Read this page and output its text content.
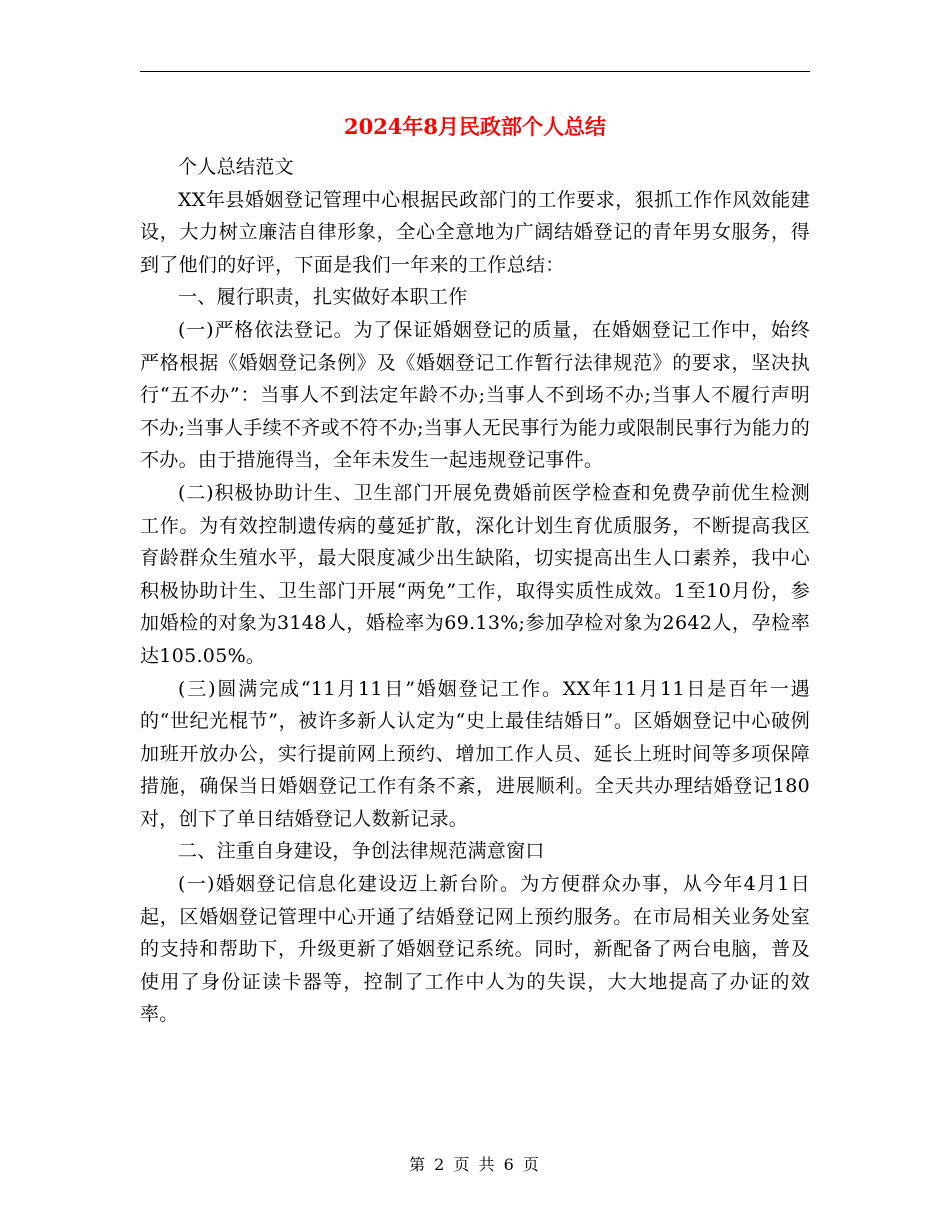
2024年8月民政部个人总结

个人总结范文

XX年县婚姻登记管理中心根据民政部门的工作要求，狠抓工作作风效能建设，大力树立廉洁自律形象，全心全意地为广阔结婚登记的青年男女服务，得到了他们的好评，下面是我们一年来的工作总结：

一、履行职责，扎实做好本职工作

(一)严格依法登记。为了保证婚姻登记的质量，在婚姻登记工作中，始终严格根据《婚姻登记条例》及《婚姻登记工作暂行法律规范》的要求，坚决执行“五不办”：当事人不到法定年龄不办;当事人不到场不办;当事人不履行声明不办;当事人手续不齐或不符不办;当事人无民事行为能力或限制民事行为能力的不办。由于措施得当，全年未发生一起违规登记事件。

(二)积极协助计生、卫生部门开展免费婚前医学检查和免费孕前优生检测工作。为有效控制遗传病的蔓延扩散，深化计划生育优质服务，不断提高我区育龄群众生殖水平，最大限度减少出生缺陷，切实提高出生人口素养，我中心积极协助计生、卫生部门开展“两免”工作，取得实质性成效。1至10月份，参加婚检的对象为3148人，婚检率为69.13%;参加孕检对象为2642人，孕检率达105.05%。

(三)圆满完成“11月11日”婚姻登记工作。XX年11月11日是百年一遇的“世纪光棍节”，被许多新人认定为“史上最佳结婚日”。区婚姻登记中心破例加班开放办公，实行提前网上预约、增加工作人员、延长上班时间等多项保障措施，确保当日婚姻登记工作有条不紊，进展顺利。全天共办理结婚登记180对，创下了单日结婚登记人数新记录。

二、注重自身建设，争创法律规范满意窗口

(一)婚姻登记信息化建设迈上新台阶。为方便群众办事，从今年4月1日起，区婚姻登记管理中心开通了结婚登记网上预约服务。在市局相关业务处室的支持和帮助下，升级更新了婚姻登记系统。同时，新配备了两台电脑，普及使用了身份证读卡器等，控制了工作中人为的失误，大大地提高了办证的效率。

第 2 页 共 6 页
